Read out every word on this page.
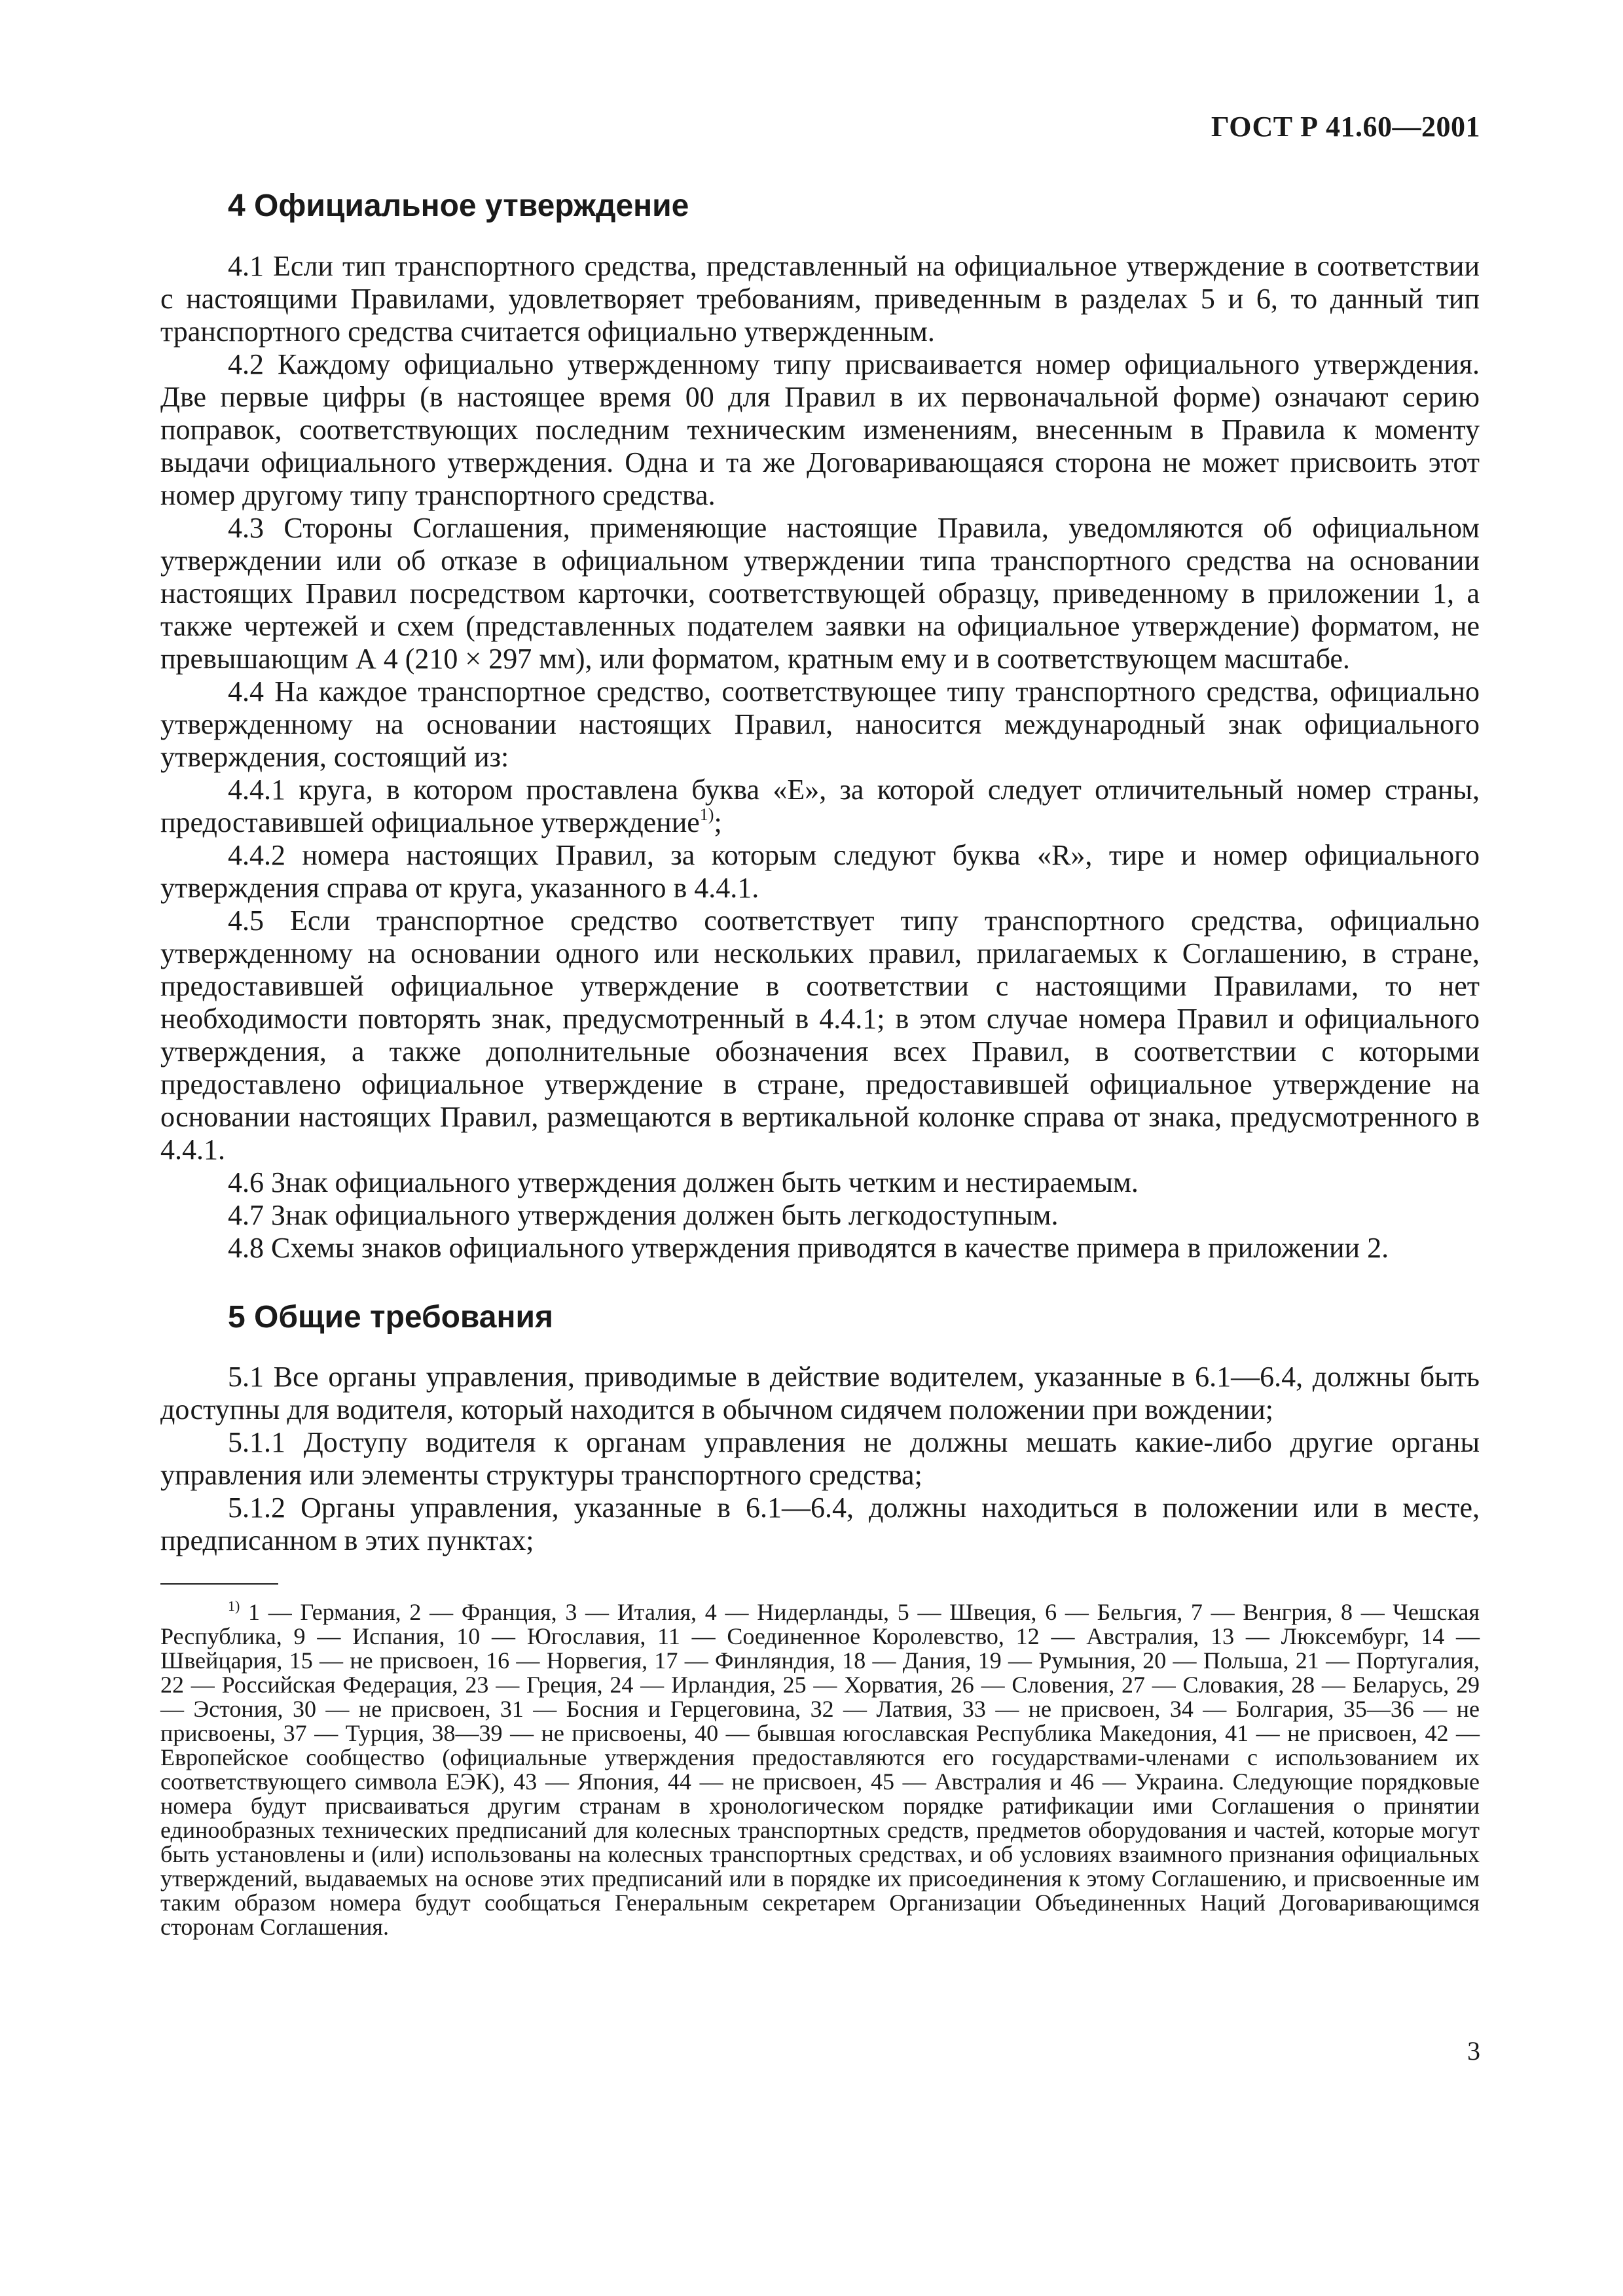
ГОСТ Р 41.60—2001
4 Официальное утверждение

4.1 Если тип транспортного средства, представленный на официальное утверждение в соответствии с настоящими Правилами, удовлетворяет требованиям, приведенным в разделах 5 и 6, то данный тип транспортного средства считается официально утвержденным.

4.2 Каждому официально утвержденному типу присваивается номер официального утверждения. Две первые цифры (в настоящее время 00 для Правил в их первоначальной форме) означают серию поправок, соответствующих последним техническим изменениям, внесенным в Правила к моменту выдачи официального утверждения. Одна и та же Договаривающаяся сторона не может присвоить этот номер другому типу транспортного средства.

4.3 Стороны Соглашения, применяющие настоящие Правила, уведомляются об официальном утверждении или об отказе в официальном утверждении типа транспортного средства на основании настоящих Правил посредством карточки, соответствующей образцу, приведенному в приложении 1, а также чертежей и схем (представленных подателем заявки на официальное утверждение) форматом, не превышающим А 4 (210 × 297 мм), или форматом, кратным ему и в соответствующем масштабе.

4.4 На каждое транспортное средство, соответствующее типу транспортного средства, официально утвержденному на основании настоящих Правил, наносится международный знак официального утверждения, состоящий из:

4.4.1 круга, в котором проставлена буква «Е», за которой следует отличительный номер страны, предоставившей официальное утверждение$^{1)}$;

4.4.2 номера настоящих Правил, за которым следуют буква «R», тире и номер официального утверждения справа от круга, указанного в 4.4.1.

4.5 Если транспортное средство соответствует типу транспортного средства, официально утвержденному на основании одного или нескольких правил, прилагаемых к Соглашению, в стране, предоставившей официальное утверждение в соответствии с настоящими Правилами, то нет необходимости повторять знак, предусмотренный в 4.4.1; в этом случае номера Правил и официального утверждения, а также дополнительные обозначения всех Правил, в соответствии с которыми предоставлено официальное утверждение в стране, предоставившей официальное утверждение на основании настоящих Правил, размещаются в вертикальной колонке справа от знака, предусмотренного в 4.4.1.

4.6 Знак официального утверждения должен быть четким и нестираемым.

4.7 Знак официального утверждения должен быть легкодоступным.

4.8 Схемы знаков официального утверждения приводятся в качестве примера в приложении 2.

5 Общие требования

5.1 Все органы управления, приводимые в действие водителем, указанные в 6.1—6.4, должны быть доступны для водителя, который находится в обычном сидячем положении при вождении;

5.1.1 Доступу водителя к органам управления не должны мешать какие-либо другие органы управления или элементы структуры транспортного средства;

5.1.2 Органы управления, указанные в 6.1—6.4, должны находиться в положении или в месте, предписанном в этих пунктах;

$^{1)}$ 1 — Германия, 2 — Франция, 3 — Италия, 4 — Нидерланды, 5 — Швеция, 6 — Бельгия, 7 — Венгрия, 8 — Чешская Республика, 9 — Испания, 10 — Югославия, 11 — Соединенное Королевство, 12 — Австралия, 13 — Люксембург, 14 — Швейцария, 15 — не присвоен, 16 — Норвегия, 17 — Финляндия, 18 — Дания, 19 — Румыния, 20 — Польша, 21 — Португалия, 22 — Российская Федерация, 23 — Греция, 24 — Ирландия, 25 — Хорватия, 26 — Словения, 27 — Словакия, 28 — Беларусь, 29 — Эстония, 30 — не присвоен, 31 — Босния и Герцеговина, 32 — Латвия, 33 — не присвоен, 34 — Болгария, 35—36 — не присвоены, 37 — Турция, 38—39 — не присвоены, 40 — бывшая югославская Республика Македония, 41 — не присвоен, 42 — Европейское сообщество (официальные утверждения предоставляются его государствами-членами с использованием их соответствующего символа ЕЭК), 43 — Япония, 44 — не присвоен, 45 — Австралия и 46 — Украина. Следующие порядковые номера будут присваиваться другим странам в хронологическом порядке ратификации ими Соглашения о принятии единообразных технических предписаний для колесных транспортных средств, предметов оборудования и частей, которые могут быть установлены и (или) использованы на колесных транспортных средствах, и об условиях взаимного признания официальных утверждений, выдаваемых на основе этих предписаний или в порядке их присоединения к этому Соглашению, и присвоенные им таким образом номера будут сообщаться Генеральным секретарем Организации Объединенных Наций Договаривающимся сторонам Соглашения.

3
